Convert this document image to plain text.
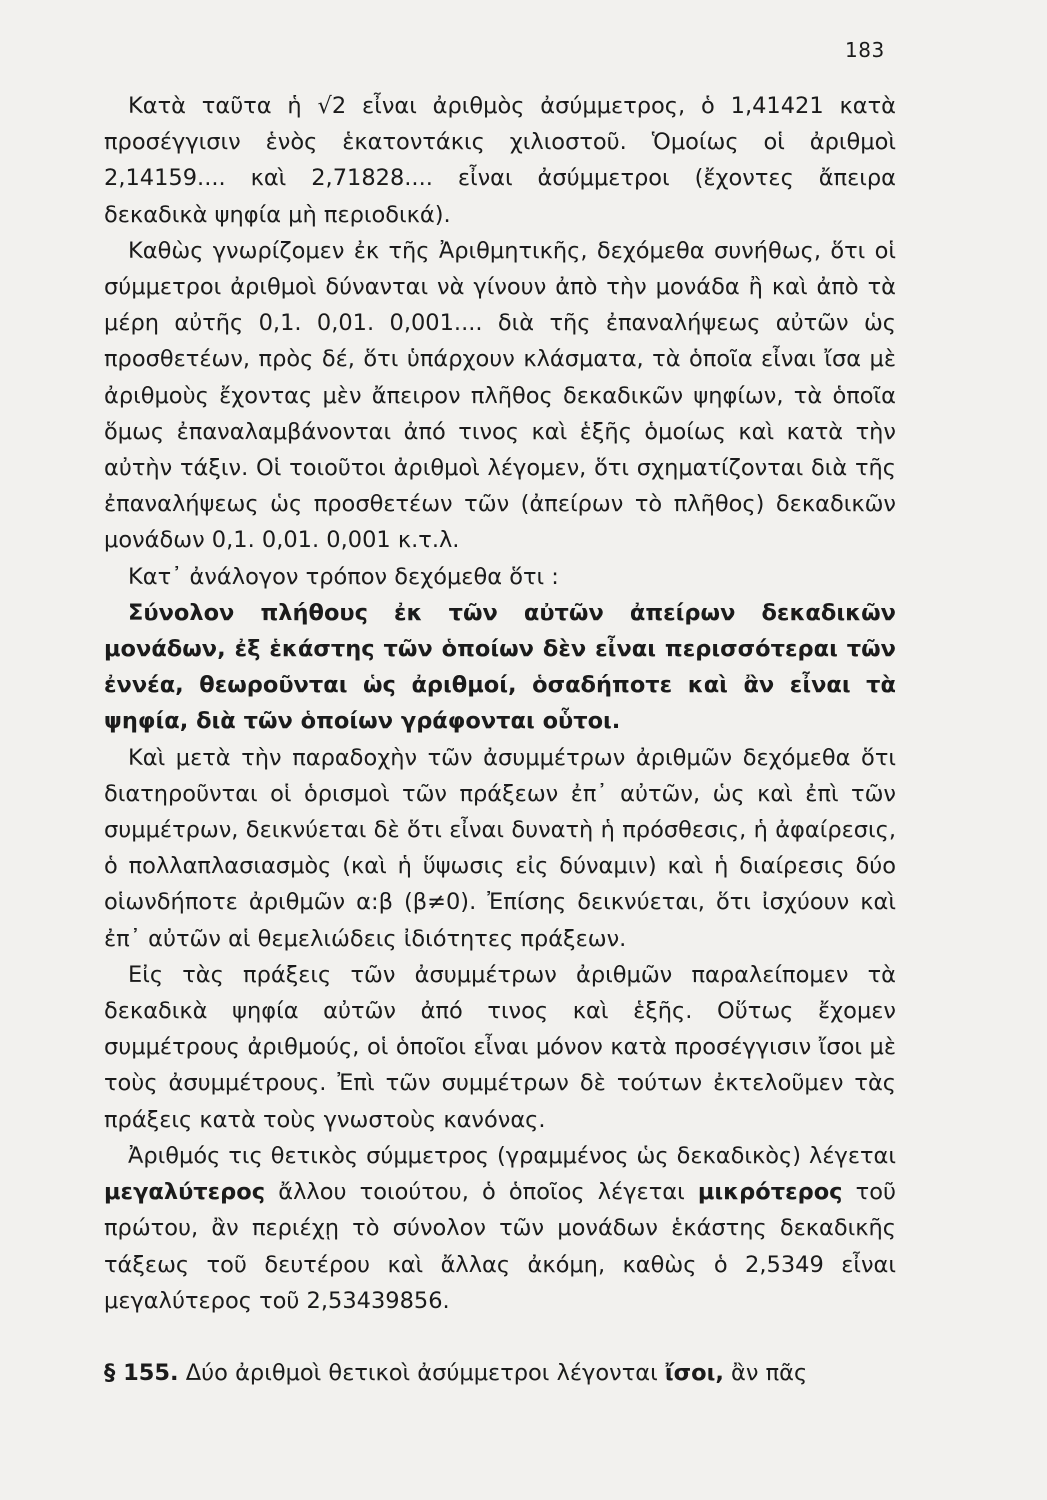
183

Κατὰ ταῦτα ἡ √2 εἶναι ἀριθμὸς ἀσύμμετρος, ὁ 1,41421 κατὰ προσέγγισιν ἑνὸς ἑκατοντάκις χιλιοστοῦ. Ὁμοίως οἱ ἀριθμοὶ 2,14159.... καὶ 2,71828.... εἶναι ἀσύμμετροι (ἔχοντες ἄπειρα δεκαδικὰ ψηφία μὴ περιοδικά).

Καθὼς γνωρίζομεν ἐκ τῆς Ἀριθμητικῆς, δεχόμεθα συνήθως, ὅτι οἱ σύμμετροι ἀριθμοὶ δύνανται νὰ γίνουν ἀπὸ τὴν μονάδα ἢ καὶ ἀπὸ τὰ μέρη αὐτῆς 0,1. 0,01. 0,001.... διὰ τῆς ἐπαναλήψεως αὐτῶν ὡς προσθετέων, πρὸς δέ, ὅτι ὑπάρχουν κλάσματα, τὰ ὁποῖα εἶναι ἴσα μὲ ἀριθμοὺς ἔχοντας μὲν ἄπειρον πλῆθος δεκαδικῶν ψηφίων, τὰ ὁποῖα ὅμως ἐπαναλαμβάνονται ἀπό τινος καὶ ἑξῆς ὁμοίως καὶ κατὰ τὴν αὐτὴν τάξιν. Οἱ τοιοῦτοι ἀριθμοὶ λέγομεν, ὅτι σχηματίζονται διὰ τῆς ἐπαναλήψεως ὡς προσθετέων τῶν (ἀπείρων τὸ πλῆθος) δεκαδικῶν μονάδων 0,1. 0,01. 0,001 κ.τ.λ.

Κατ᾽ ἀνάλογον τρόπον δεχόμεθα ὅτι :

Σύνολον πλήθους ἐκ τῶν αὐτῶν ἀπείρων δεκαδικῶν μονάδων, ἐξ ἑκάστης τῶν ὁποίων δὲν εἶναι περισσότεραι τῶν ἐννέα, θεωροῦνται ὡς ἀριθμοί, ὁσαδήποτε καὶ ἂν εἶναι τὰ ψηφία, διὰ τῶν ὁποίων γράφονται οὗτοι.

Καὶ μετὰ τὴν παραδοχὴν τῶν ἀσυμμέτρων ἀριθμῶν δεχόμεθα ὅτι διατηροῦνται οἱ ὁρισμοὶ τῶν πράξεων ἐπ᾽ αὐτῶν, ὡς καὶ ἐπὶ τῶν συμμέτρων, δεικνύεται δὲ ὅτι εἶναι δυνατὴ ἡ πρόσθεσις, ἡ ἀφαίρεσις, ὁ πολλαπλασιασμὸς (καὶ ἡ ὕψωσις εἰς δύναμιν) καὶ ἡ διαίρεσις δύο οἱωνδήποτε ἀριθμῶν α:β (β≠0). Ἐπίσης δεικνύεται, ὅτι ἰσχύουν καὶ ἐπ᾽ αὐτῶν αἱ θεμελιώδεις ἰδιότητες πράξεων.

Εἰς τὰς πράξεις τῶν ἀσυμμέτρων ἀριθμῶν παραλείπομεν τὰ δεκαδικὰ ψηφία αὐτῶν ἀπό τινος καὶ ἑξῆς. Οὕτως ἔχομεν συμμέτρους ἀριθμούς, οἱ ὁποῖοι εἶναι μόνον κατὰ προσέγγισιν ἴσοι μὲ τοὺς ἀσυμμέτρους. Ἐπὶ τῶν συμμέτρων δὲ τούτων ἐκτελοῦμεν τὰς πράξεις κατὰ τοὺς γνωστοὺς κανόνας.

Ἀριθμός τις θετικὸς σύμμετρος (γραμμένος ὡς δεκαδικὸς) λέγεται μεγαλύτερος ἄλλου τοιούτου, ὁ ὁποῖος λέγεται μικρότερος τοῦ πρώτου, ἂν περιέχῃ τὸ σύνολον τῶν μονάδων ἑκάστης δεκαδικῆς τάξεως τοῦ δευτέρου καὶ ἄλλας ἀκόμη, καθὼς ὁ 2,5349 εἶναι μεγαλύτερος τοῦ 2,53439856.

§ 155. Δύο ἀριθμοὶ θετικοὶ ἀσύμμετροι λέγονται ἴσοι, ἂν πᾶς
